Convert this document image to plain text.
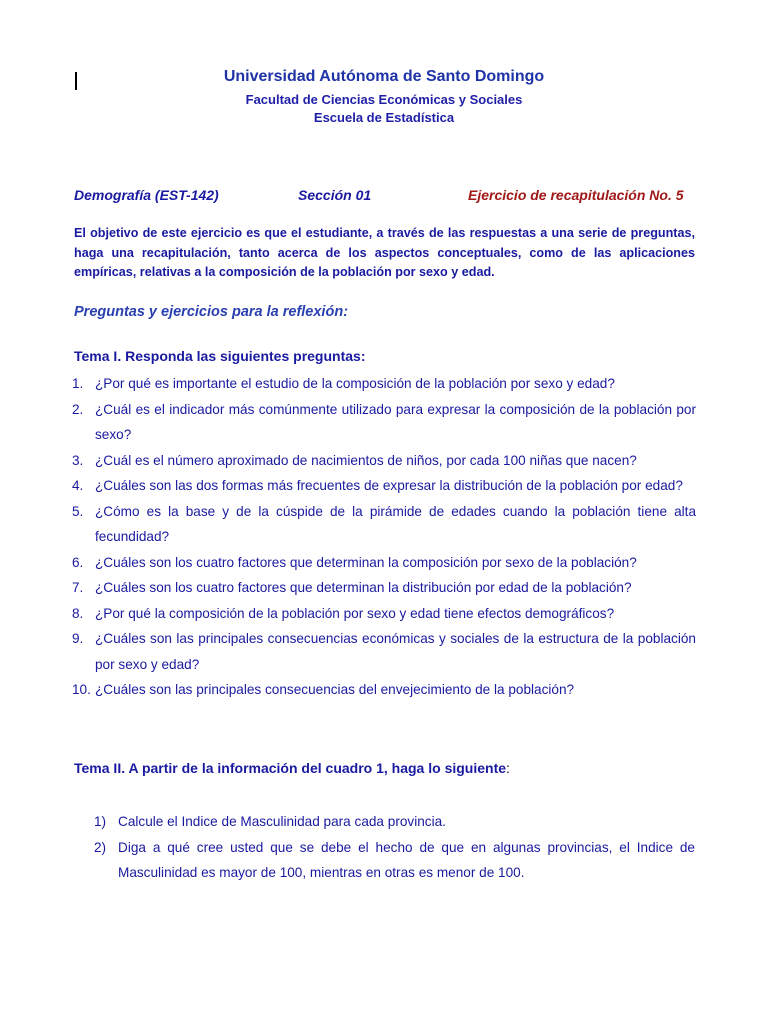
Universidad Autónoma de Santo Domingo
Facultad de Ciencias Económicas y Sociales
Escuela de Estadística
Demografía (EST-142)	Sección 01	Ejercicio de recapitulación No. 5
El objetivo de este ejercicio es que el estudiante, a través de las respuestas a una serie de preguntas, haga una recapitulación, tanto acerca de los aspectos conceptuales, como de las aplicaciones empíricas, relativas a la composición de la población por sexo y edad.
Preguntas y ejercicios para la reflexión:
Tema I. Responda las siguientes preguntas:
1. ¿Por qué es importante el estudio de la composición de la población por sexo y edad?
2. ¿Cuál es el indicador más comúnmente utilizado para expresar la composición de la población por sexo?
3. ¿Cuál es el número aproximado de nacimientos de niños, por cada 100 niñas que nacen?
4. ¿Cuáles son las dos formas más frecuentes de expresar la distribución de la población por edad?
5. ¿Cómo es la base y de la cúspide de la pirámide de edades cuando la población tiene alta fecundidad?
6. ¿Cuáles son los cuatro factores que determinan la composición por sexo de la población?
7. ¿Cuáles son los cuatro factores que determinan la distribución por edad de la población?
8. ¿Por qué la composición de la población por sexo y edad tiene efectos demográficos?
9. ¿Cuáles son las principales consecuencias económicas y sociales de la estructura de la población por sexo y edad?
10. ¿Cuáles son las principales consecuencias del envejecimiento de la población?
Tema II. A partir de la información del cuadro 1, haga lo siguiente:
1) Calcule el Indice de Masculinidad para cada provincia.
2) Diga a qué cree usted que se debe el hecho de que en algunas provincias, el Indice de Masculinidad es mayor de 100, mientras en otras es menor de 100.
